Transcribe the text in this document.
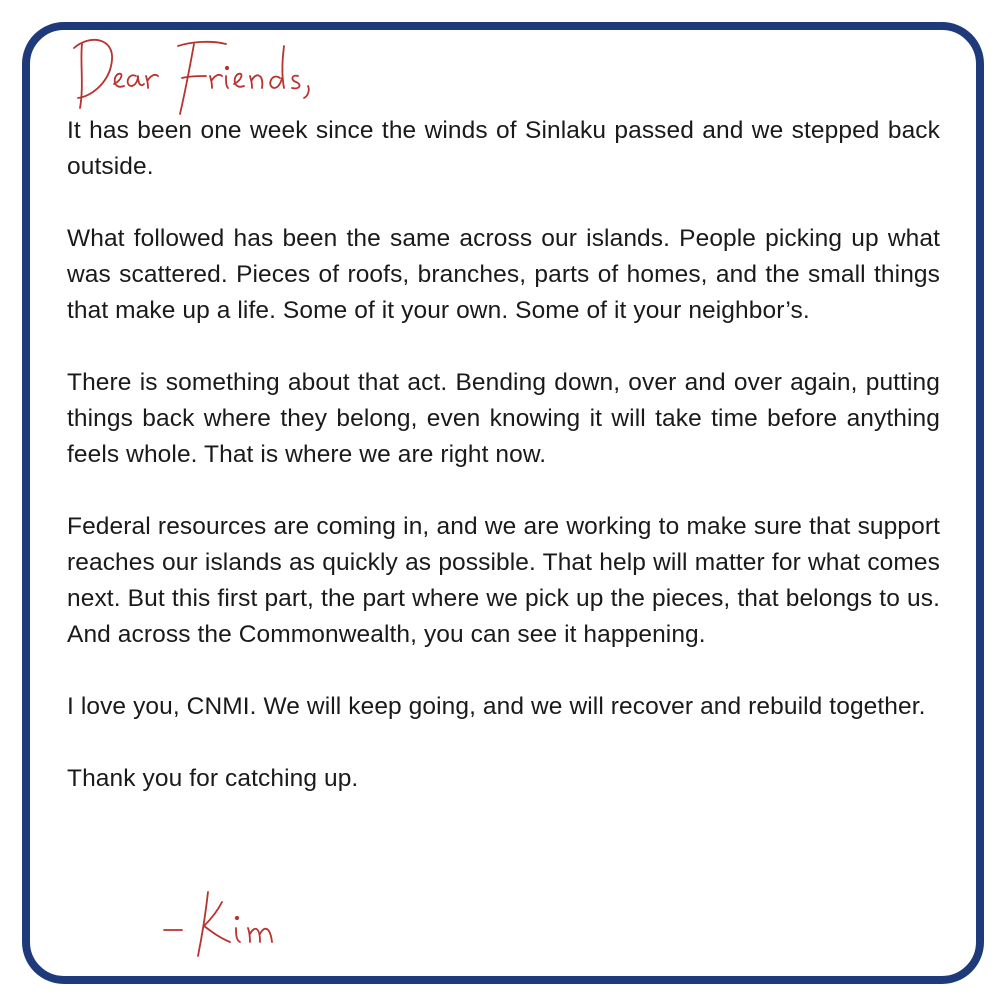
It has been one week since the winds of Sinlaku passed and we stepped back outside.

What followed has been the same across our islands. People picking up what was scattered. Pieces of roofs, branches, parts of homes, and the small things that make up a life. Some of it your own. Some of it your neighbor’s.

There is something about that act. Bending down, over and over again, putting things back where they belong, even knowing it will take time before anything feels whole. That is where we are right now.

Federal resources are coming in, and we are working to make sure that support reaches our islands as quickly as possible. That help will matter for what comes next. But this first part, the part where we pick up the pieces, that belongs to us. And across the Commonwealth, you can see it happening.

I love you, CNMI. We will keep going, and we will recover and rebuild together.

Thank you for catching up.
